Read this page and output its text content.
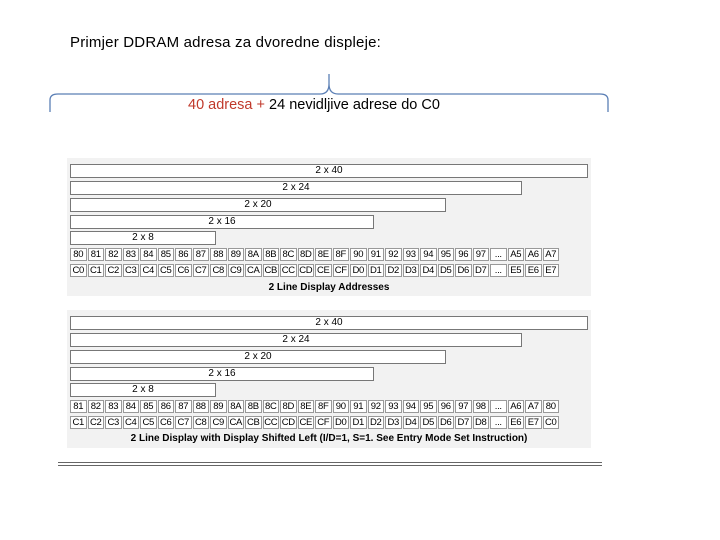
Primjer DDRAM adresa za dvoredne displeje:
40 adresa + 24 nevidljive adrese do C0
2 x 40
2 x 24
2 x 20
2 x 16
2 x 8
80 81 82 83 84 85 86 87 88 89 8A 8B 8C 8D 8E 8F 90 91 92 93 94 95 96 97 ... A5 A6 A7
C0 C1 C2 C3 C4 C5 C6 C7 C8 C9 CA CB CC CD CE CF D0 D1 D2 D3 D4 D5 D6 D7 ... E5 E6 E7
2 Line Display Addresses
2 x 40
2 x 24
2 x 20
2 x 16
2 x 8
81 82 83 84 85 86 87 88 89 8A 8B 8C 8D 8E 8F 90 91 92 93 94 95 96 97 98 ... A6 A7 80
C1 C2 C3 C4 C5 C6 C7 C8 C9 CA CB CC CD CE CF D0 D1 D2 D3 D4 D5 D6 D7 D8 ... E6 E7 C0
2 Line Display with Display Shifted Left (I/D=1, S=1. See Entry Mode Set Instruction)
